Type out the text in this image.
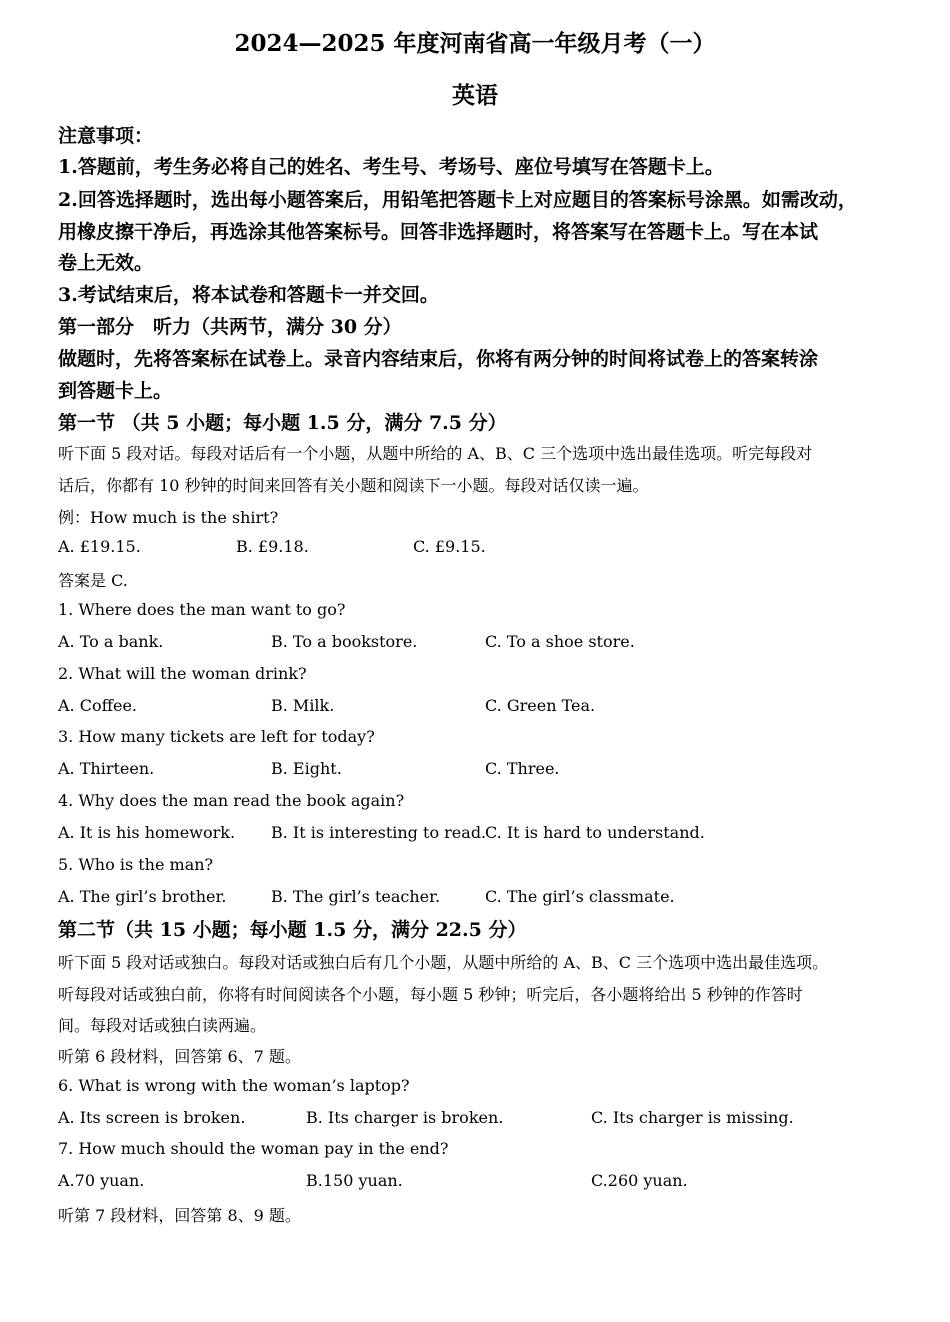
2024—2025 年度河南省高一年级月考（一）
英语
注意事项：
1.答题前，考生务必将自己的姓名、考生号、考场号、座位号填写在答题卡上。
2.回答选择题时，选出每小题答案后，用铅笔把答题卡上对应题目的答案标号涂黑。如需改动，
用橡皮擦干净后，再选涂其他答案标号。回答非选择题时，将答案写在答题卡上。写在本试
卷上无效。
3.考试结束后，将本试卷和答题卡一并交回。
第一部分　听力（共两节，满分 30 分）
做题时，先将答案标在试卷上。录音内容结束后，你将有两分钟的时间将试卷上的答案转涂
到答题卡上。
第一节 （共 5 小题；每小题 1.5 分，满分 7.5 分）
听下面 5 段对话。每段对话后有一个小题，从题中所给的 A、B、C 三个选项中选出最佳选项。听完每段对
话后，你都有 10 秒钟的时间来回答有关小题和阅读下一小题。每段对话仅读一遍。
例：How much is the shirt?
A. £19.15.	B. £9.18.	C. £9.15.
答案是 C.
1. Where does the man want to go?
A. To a bank.	B. To a bookstore.	C. To a shoe store.
2. What will the woman drink?
A. Coffee.	B. Milk.	C. Green Tea.
3. How many tickets are left for today?
A. Thirteen.	B. Eight.	C. Three.
4. Why does the man read the book again?
A. It is his homework. B. It is interesting to read.
C. It is hard to understand.
5. Who is the man?
A. The girl’s brother.	B. The girl’s teacher.	C. The girl’s classmate.
第二节（共 15 小题；每小题 1.5 分，满分 22.5 分）
听下面 5 段对话或独白。每段对话或独白后有几个小题，从题中所给的 A、B、C 三个选项中选出最佳选项。
听每段对话或独白前，你将有时间阅读各个小题，每小题 5 秒钟；听完后，各小题将给出 5 秒钟的作答时
间。每段对话或独白读两遍。
听第 6 段材料，回答第 6、7 题。
6. What is wrong with the woman’s laptop?
A. Its screen is broken.	B. Its charger is broken.	C. Its charger is missing.
7. How much should the woman pay in the end?
A.70 yuan.	B.150 yuan.	C.260 yuan.
听第 7 段材料，回答第 8、9 题。
